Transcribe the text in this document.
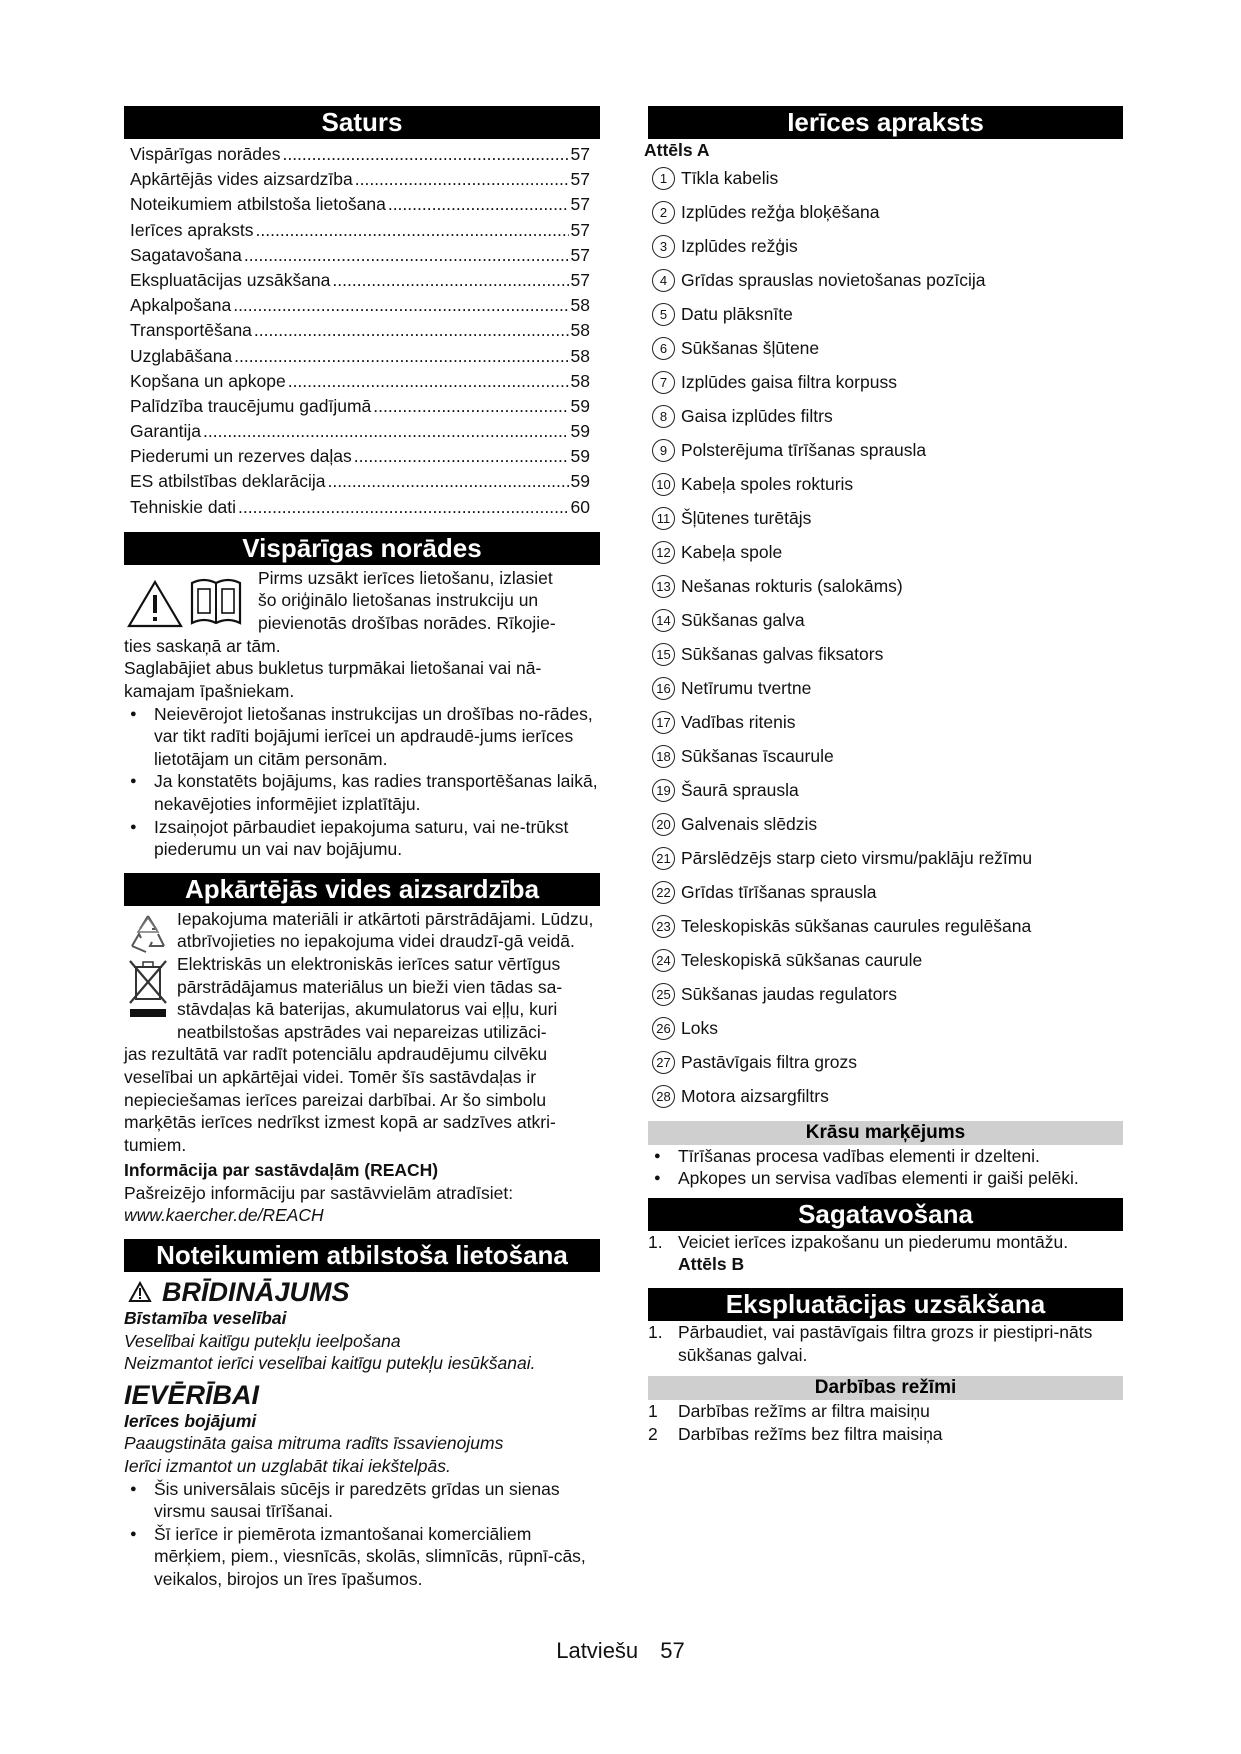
Saturs
Vispārīgas norādes .....	57
Apkārtējās vides aizsardzība .....	57
Noteikumiem atbilstoša lietošana .....	57
Ierīces apraksts .....	57
Sagatavošana .....	57
Ekspluatācijas uzsākšana .....	57
Apkalpošana .....	58
Transportēšana .....	58
Uzglabāšana .....	58
Kopšana un apkope .....	58
Palīdzība traucējumu gadījumā .....	59
Garantija .....	59
Piederumi un rezerves daļas .....	59
ES atbilstības deklarācija .....	59
Tehniskie dati .....	60
Vispārīgas norādes

Pirms uzsākt ierīces lietošanu, izlasiet

šo oriģinālo lietošanas instrukciju un

pievienotās drošības norādes. Rīkojie-

ties saskaņā ar tām.

Saglabājiet abus bukletus turpmākai lietošanai vai nā-kamajam īpašniekam.

● Neievērojot lietošanas instrukcijas un drošības no-rādes, var tikt radīti bojājumi ierīcei un apdraudē-jums ierīces lietotājam un citām personām.

● Ja konstatēts bojājums, kas radies transportēšanas laikā, nekavējoties informējiet izplatītāju.

● Izsaiņojot pārbaudiet iepakojuma saturu, vai ne-trūkst piederumu un vai nav bojājumu.

Apkārtējās vides aizsardzība

Iepakojuma materiāli ir atkārtoti pārstrādājami. Lūdzu, atbrīvojieties no iepakojuma videi draudzī-gā veidā.

Elektriskās un elektroniskās ierīces satur vērtīgus pārstrādājamus materiālus un bieži vien tādas sa-stāvdaļas kā baterijas, akumulatorus vai eļļu, kuri neatbilstošas apstrādes vai nepareizas utilizāci-

jas rezultātā var radīt potenciālu apdraudējumu cilvēku veselībai un apkārtējai videi. Tomēr šīs sastāvdaļas ir nepieciešamas ierīces pareizai darbībai. Ar šo simbolu marķētās ierīces nedrīkst izmest kopā ar sadzīves atkri-tumiem.

Informācija par sastāvdaļām (REACH)

Pašreizējo informāciju par sastāvvielām atradīsiet:

www.kaercher.de/REACH

Noteikumiem atbilstoša lietošana
BRĪDINĀJUMS

Bīstamība veselībai

Veselībai kaitīgu putekļu ieelpošana

Neizmantot ierīci veselībai kaitīgu putekļu iesūkšanai.

IEVĒRĪBAI

Ierīces bojājumi

Paaugstināta gaisa mitruma radīts īssavienojums

Ierīci izmantot un uzglabāt tikai iekštelpās.

● Šis universālais sūcējs ir paredzēts grīdas un sienas virsmu sausai tīrīšanai.

● Šī ierīce ir piemērota izmantošanai komerciāliem mērķiem, piem., viesnīcās, skolās, slimnīcās, rūpnī-cās, veikalos, birojos un īres īpašumos.

Ierīces apraksts

Attēls A

1 Tīkla kabelis
2 Izplūdes režģa bloķēšana
3 Izplūdes režģis
4 Grīdas sprauslas novietošanas pozīcija
5 Datu plāksnīte
6 Sūkšanas šļūtene
7 Izplūdes gaisa filtra korpuss
8 Gaisa izplūdes filtrs
9 Polsterējuma tīrīšanas sprausla
10 Kabeļa spoles rokturis
11 Šļūtenes turētājs
12 Kabeļa spole
13 Nešanas rokturis (salokāms)
14 Sūkšanas galva
15 Sūkšanas galvas fiksators
16 Netīrumu tvertne
17 Vadības ritenis
18 Sūkšanas īscaurule
19 Šaurā sprausla
20 Galvenais slēdzis
21 Pārslēdzējs starp cieto virsmu/paklāju režīmu
22 Grīdas tīrīšanas sprausla
23 Teleskopiskās sūkšanas caurules regulēšana
24 Teleskopiskā sūkšanas caurule
25 Sūkšanas jaudas regulators
26 Loks
27 Pastāvīgais filtra grozs
28 Motora aizsargfiltrs
Krāsu marķējums

● Tīrīšanas procesa vadības elementi ir dzelteni.

● Apkopes un servisa vadības elementi ir gaiši pelēki.

Sagatavošana

1. Veiciet ierīces izpakošanu un piederumu montāžu.

Attēls B

Ekspluatācijas uzsākšana

1. Pārbaudiet, vai pastāvīgais filtra grozs ir piestipri-nāts sūkšanas galvai.

Darbības režīmi

1 Darbības režīms ar filtra maisiņu

2 Darbības režīms bez filtra maisiņa

Latviešu 57
